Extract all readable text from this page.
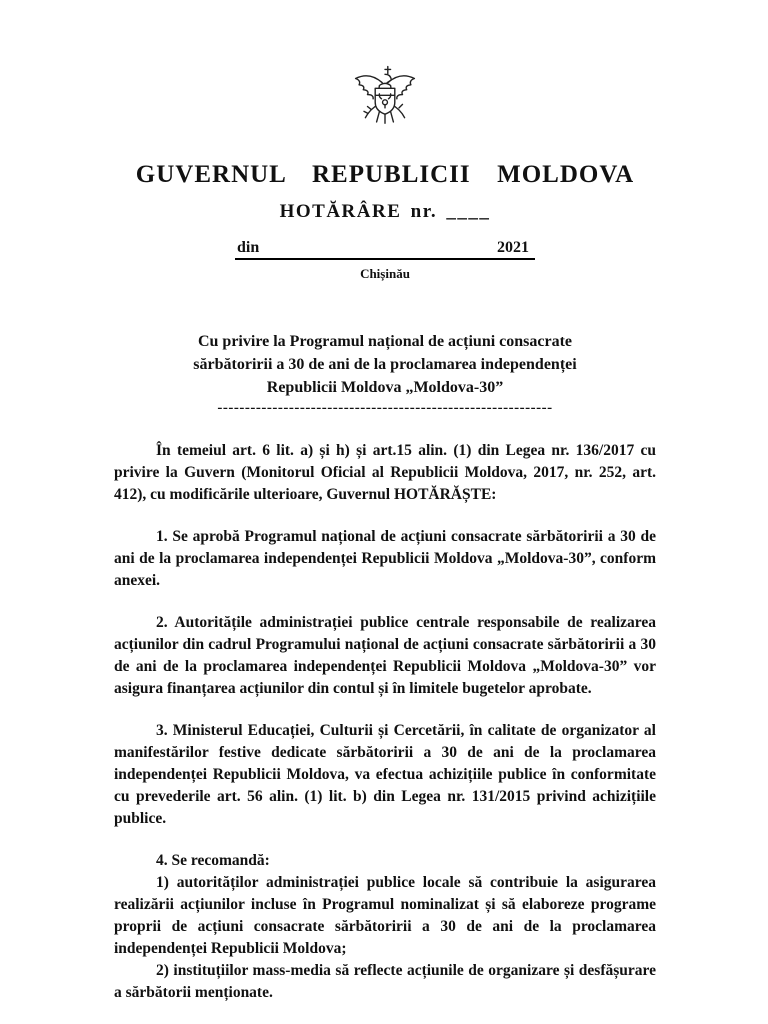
GUVERNUL  REPUBLICII  MOLDOVA
HOTĂRÂRE nr. ____
din	2021
Chișinău
Cu privire la Programul național de acțiuni consacrate
sărbătoririi a 30 de ani de la proclamarea independenței
Republicii Moldova „Moldova-30”
-------------------------------------------------------------

În temeiul art. 6 lit. a) și h) și art.15 alin. (1) din Legea nr. 136/2017 cu privire la Guvern (Monitorul Oficial al Republicii Moldova, 2017, nr. 252, art. 412), cu modificările ulterioare, Guvernul HOTĂRĂȘTE:

1. Se aprobă Programul național de acțiuni consacrate sărbătoririi a 30 de ani de la proclamarea independenței Republicii Moldova „Moldova-30”, conform anexei.

2. Autoritățile administrației publice centrale responsabile de realizarea acțiunilor din cadrul Programului național de acțiuni consacrate sărbătoririi a 30 de ani de la proclamarea independenței Republicii Moldova „Moldova-30” vor asigura finanțarea acțiunilor din contul și în limitele bugetelor aprobate.

3. Ministerul Educației, Culturii și Cercetării, în calitate de organizator al manifestărilor festive dedicate sărbătoririi a 30 de ani de la proclamarea independenței Republicii Moldova, va efectua achizițiile publice în conformitate cu prevederile art. 56 alin. (1) lit. b) din Legea nr. 131/2015 privind achizițiile publice.

4. Se recomandă:

1) autorităților administrației publice locale să contribuie la asigurarea realizării acțiunilor incluse în Programul nominalizat și să elaboreze programe proprii de acțiuni consacrate sărbătoririi a 30 de ani de la proclamarea independenței Republicii Moldova;

2) instituțiilor mass-media să reflecte acțiunile de organizare și desfășurare a sărbătorii menționate.
